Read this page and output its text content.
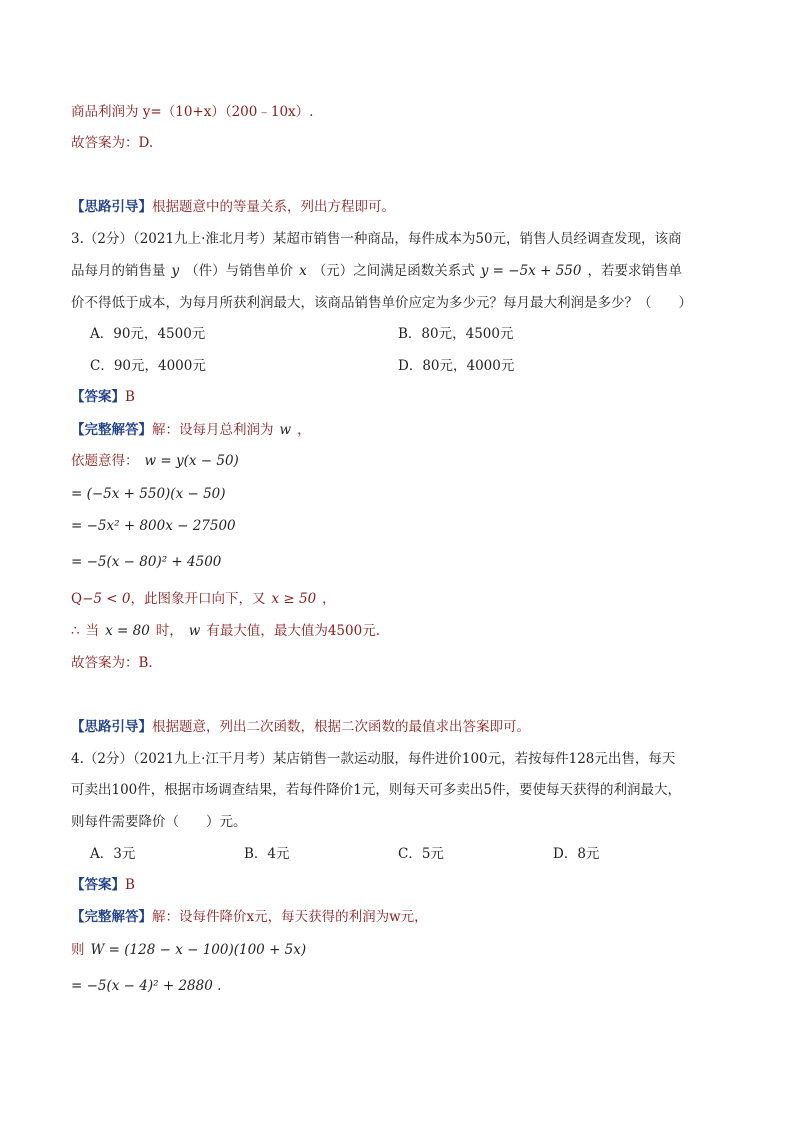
商品利润为 y=（10+x）（200﹣10x）.
故答案为：D.
【思路引导】根据题意中的等量关系，列出方程即可。
3.（2分）（2021九上·淮北月考）某超市销售一种商品，每件成本为50元，销售人员经调查发现，该商
品每月的销售量 y （件）与销售单价 x （元）之间满足函数关系式 y = −5x + 550 ，若要求销售单
价不得低于成本，为每月所获利润最大，该商品销售单价应定为多少元？每月最大利润是多少？（　　）
A．90元，4500元	B．80元，4500元
C．90元，4000元	D．80元，4000元
【答案】B
【完整解答】解：设每月总利润为 w ，
依题意得： w = y(x − 50)
= (−5x + 550)(x − 50)
= −5x² + 800x − 27500
= −5(x − 80)² + 4500
Q−5 < 0，此图象开口向下，又 x ≥ 50 ，
∴ 当 x = 80 时， w 有最大值，最大值为4500元.
故答案为：B.
【思路引导】根据题意，列出二次函数，根据二次函数的最值求出答案即可。
4.（2分）（2021九上·江干月考）某店销售一款运动服，每件进价100元，若按每件128元出售，每天
可卖出100件，根据市场调查结果，若每件降价1元，则每天可多卖出5件，要使每天获得的利润最大，
则每件需要降价（　　）元。
A．3元	B．4元	C．5元	D．8元
【答案】B
【完整解答】解：设每件降价x元，每天获得的利润为w元，
则 W = (128 − x − 100)(100 + 5x)
= −5(x − 4)² + 2880 .
